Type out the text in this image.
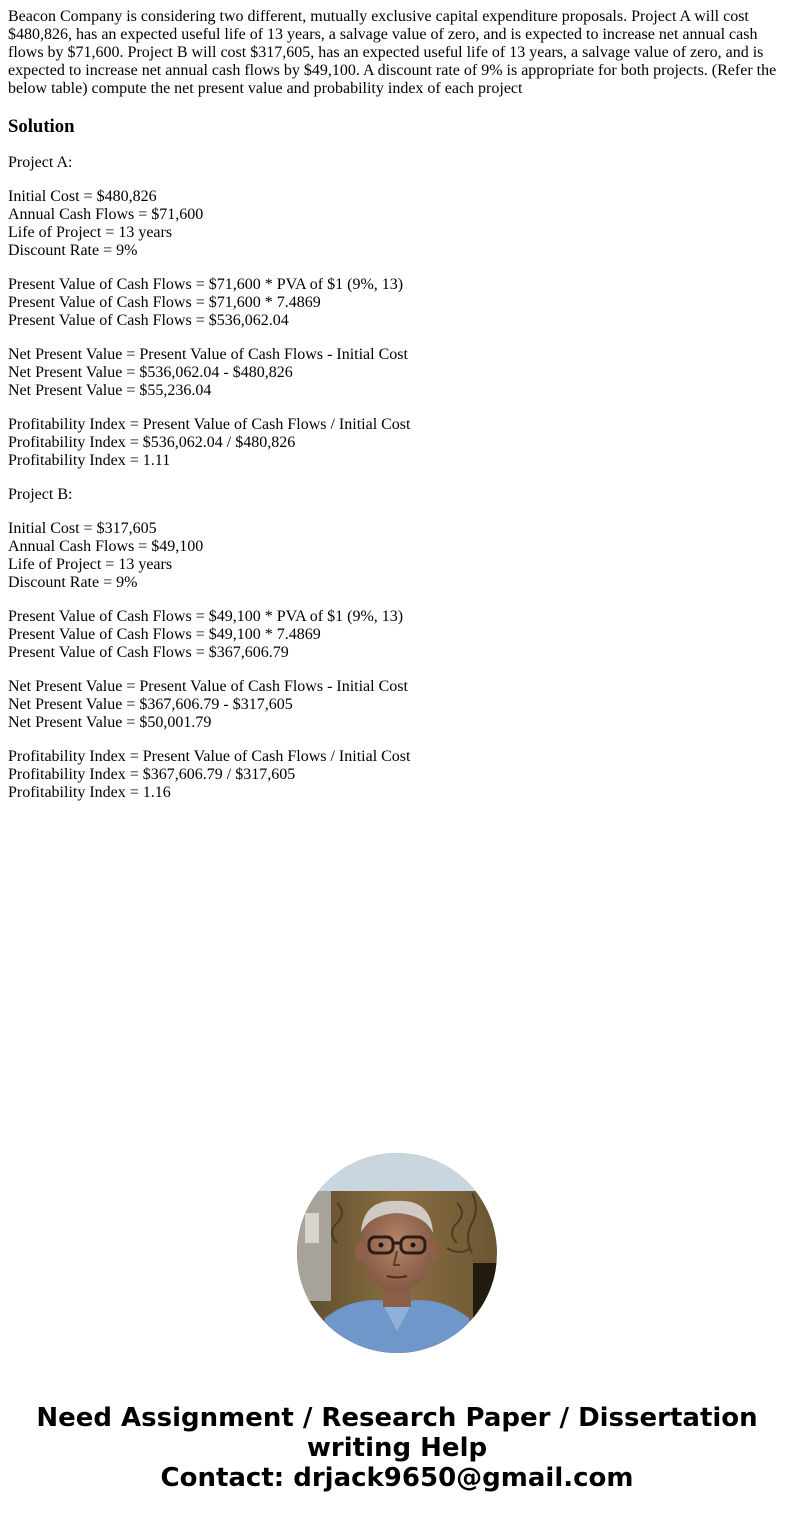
Beacon Company is considering two different, mutually exclusive capital expenditure proposals. Project A will cost $480,826, has an expected useful life of 13 years, a salvage value of zero, and is expected to increase net annual cash flows by $71,600. Project B will cost $317,605, has an expected useful life of 13 years, a salvage value of zero, and is expected to increase net annual cash flows by $49,100. A discount rate of 9% is appropriate for both projects. (Refer the below table) compute the net present value and probability index of each project

Solution

Project A:

Initial Cost = $480,826
Annual Cash Flows = $71,600
Life of Project = 13 years
Discount Rate = 9%

Present Value of Cash Flows = $71,600 * PVA of $1 (9%, 13)
Present Value of Cash Flows = $71,600 * 7.4869
Present Value of Cash Flows = $536,062.04

Net Present Value = Present Value of Cash Flows - Initial Cost
Net Present Value = $536,062.04 - $480,826
Net Present Value = $55,236.04

Profitability Index = Present Value of Cash Flows / Initial Cost
Profitability Index = $536,062.04 / $480,826
Profitability Index = 1.11

Project B:

Initial Cost = $317,605
Annual Cash Flows = $49,100
Life of Project = 13 years
Discount Rate = 9%

Present Value of Cash Flows = $49,100 * PVA of $1 (9%, 13)
Present Value of Cash Flows = $49,100 * 7.4869
Present Value of Cash Flows = $367,606.79

Net Present Value = Present Value of Cash Flows - Initial Cost
Net Present Value = $367,606.79 - $317,605
Net Present Value = $50,001.79

Profitability Index = Present Value of Cash Flows / Initial Cost
Profitability Index = $367,606.79 / $317,605
Profitability Index = 1.16

Need Assignment / Research Paper / Dissertation
writing Help
Contact: drjack9650@gmail.com
